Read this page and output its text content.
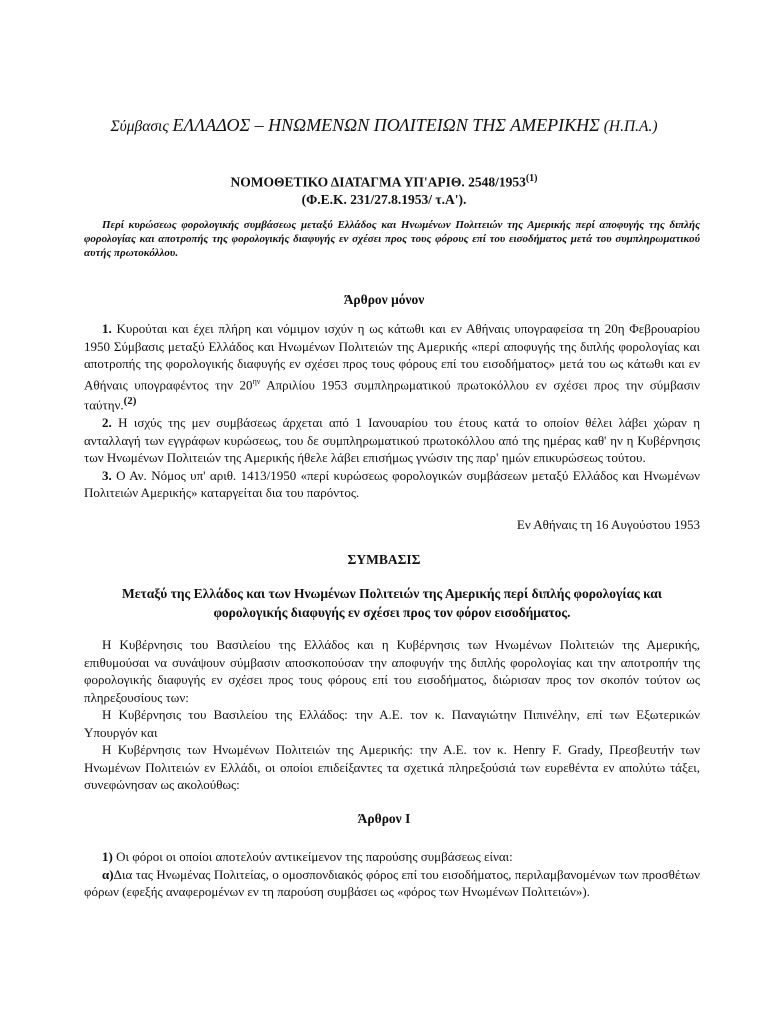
Σύμβασις ΕΛΛΑΔΟΣ – ΗΝΩΜΕΝΩΝ ΠΟΛΙΤΕΙΩΝ ΤΗΣ ΑΜΕΡΙΚΗΣ (Η.Π.Α.)
ΝΟΜΟΘΕΤΙΚΟ ΔΙΑΤΑΓΜΑ ΥΠ'ΑΡΙΘ. 2548/1953$^{(1)}$
(Φ.Ε.Κ. 231/27.8.1953/ τ.Α').
Περί κυρώσεως φορολογικής συμβάσεως μεταξύ Ελλάδος και Ηνωμένων Πολιτειών της Αμερικής περί αποφυγής της διπλής φορολογίας και αποτροπής της φορολογικής διαφυγής εν σχέσει προς τους φόρους επί του εισοδήματος μετά του συμπληρωματικού αυτής πρωτοκόλλου.
Άρθρον μόνον

1. Κυρούται και έχει πλήρη και νόμιμον ισχύν η ως κάτωθι και εν Αθήναις υπογραφείσα τη 20η Φεβρουαρίου 1950 Σύμβασις μεταξύ Ελλάδος και Ηνωμένων Πολιτειών της Αμερικής «περί αποφυγής της διπλής φορολογίας και αποτροπής της φορολογικής διαφυγής εν σχέσει προς τους φόρους επί του εισοδήματος» μετά του ως κάτωθι και εν Αθήναις υπογραφέντος την $20^{\eta\nu}$ Απριλίου 1953 συμπληρωματικού πρωτοκόλλου εν σχέσει προς την σύμβασιν ταύτην.$^{(2)}$

2. Η ισχύς της μεν συμβάσεως άρχεται από 1 Ιανουαρίου του έτους κατά το οποίον θέλει λάβει χώραν η ανταλλαγή των εγγράφων κυρώσεως, του δε συμπληρωματικού πρωτοκόλλου από της ημέρας καθ' ην η Κυβέρνησις των Ηνωμένων Πολιτειών της Αμερικής ήθελε λάβει επισήμως γνώσιν της παρ' ημών επικυρώσεως τούτου.

3. Ο Αν. Νόμος υπ' αριθ. 1413/1950 «περί κυρώσεως φορολογικών συμβάσεων μεταξύ Ελλάδος και Ηνωμένων Πολιτειών Αμερικής» καταργείται δια του παρόντος.

Εν Αθήναις τη 16 Αυγούστου 1953
ΣΥΜΒΑΣΙΣ
Μεταξύ της Ελλάδος και των Ηνωμένων Πολιτειών της Αμερικής περί διπλής φορολογίας και φορολογικής διαφυγής εν σχέσει προς τον φόρον εισοδήματος.

Η Κυβέρνησις του Βασιλείου της Ελλάδος και η Κυβέρνησις των Ηνωμένων Πολιτειών της Αμερικής, επιθυμούσαι να συνάψουν σύμβασιν αποσκοπούσαν την αποφυγήν της διπλής φορολογίας και την αποτροπήν της φορολογικής διαφυγής εν σχέσει προς τους φόρους επί του εισοδήματος, διώρισαν προς τον σκοπόν τούτον ως πληρεξουσίους των:

Η Κυβέρνησις του Βασιλείου της Ελλάδος: την Α.Ε. τον κ. Παναγιώτην Πιπινέλην, επί των Εξωτερικών Υπουργόν και

Η Κυβέρνησις των Ηνωμένων Πολιτειών της Αμερικής: την Α.Ε. τον κ. Henry F. Grady, Πρεσβευτήν των Ηνωμένων Πολιτειών εν Ελλάδι, οι οποίοι επιδείξαντες τα σχετικά πληρεξούσιά των ευρεθέντα εν απολύτω τάξει, συνεφώνησαν ως ακολούθως:

Άρθρον Ι

1) Οι φόροι οι οποίοι αποτελούν αντικείμενον της παρούσης συμβάσεως είναι:

α)Δια τας Ηνωμένας Πολιτείας, ο ομοσπονδιακός φόρος επί του εισοδήματος, περιλαμβανομένων των προσθέτων φόρων (εφεξής αναφερομένων εν τη παρούση συμβάσει ως «φόρος των Ηνωμένων Πολιτειών»).
